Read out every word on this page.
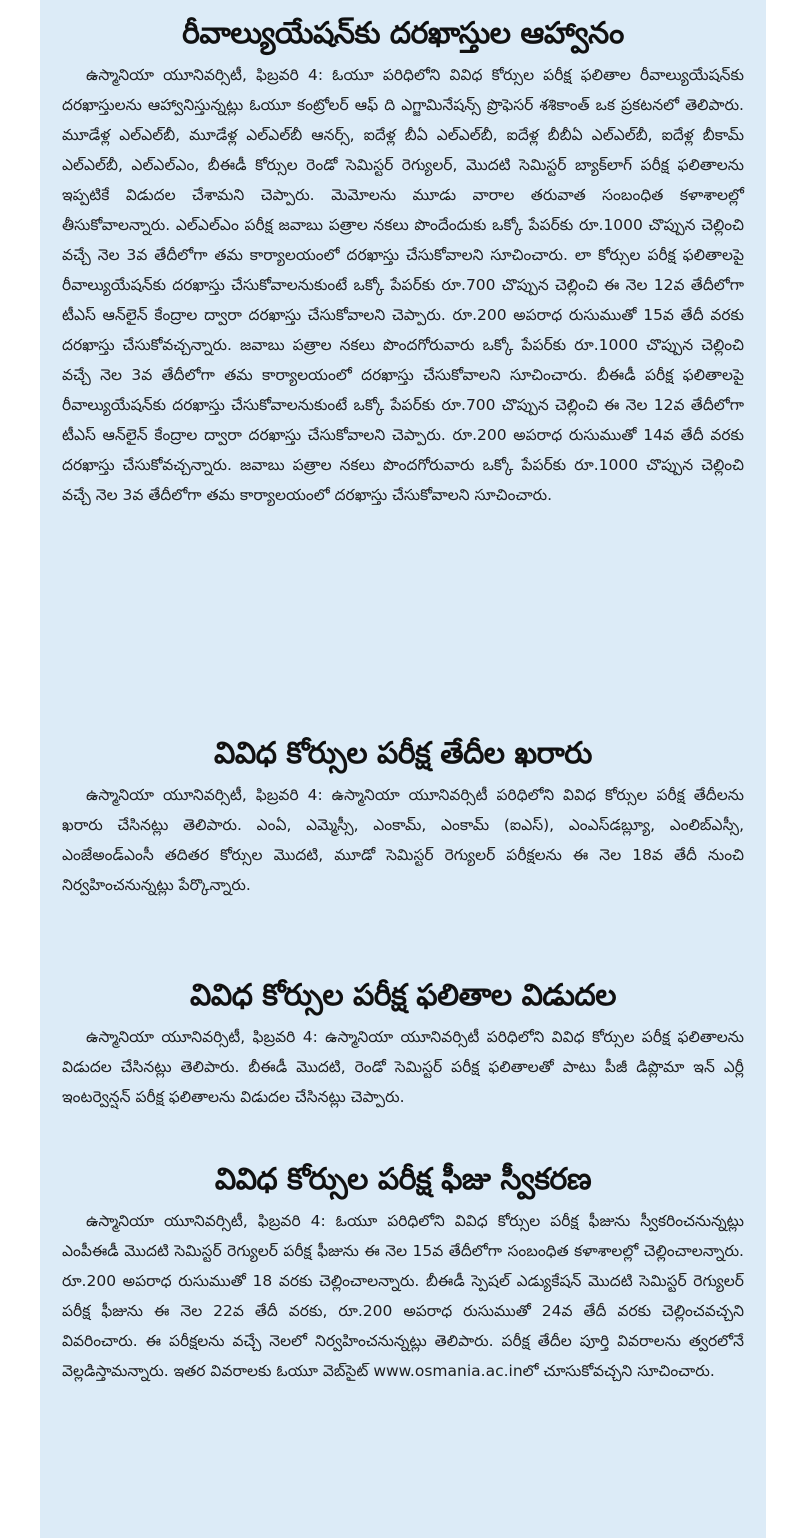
రీవాల్యుయేషన్‌కు దరఖాస్తుల ఆహ్వానం

ఉస్మానియా యూనివర్సిటీ, ఫిబ్రవరి 4: ఓయూ పరిధిలోని వివిధ కోర్సుల పరీక్ష ఫలితాల రీవాల్యుయేషన్‌కు దరఖాస్తులను ఆహ్వానిస్తున్నట్లు ఓయూ కంట్రోలర్ ఆఫ్ ది ఎగ్జామినేషన్స్ ప్రొఫెసర్ శశికాంత్ ఒక ప్రకటనలో తెలిపారు. మూడేళ్ల ఎల్‌ఎల్‌బీ, మూడేళ్ల ఎల్‌ఎల్‌బీ ఆనర్స్, ఐదేళ్ల బీఏ ఎల్‌ఎల్‌బీ, ఐదేళ్ల బీబీఏ ఎల్‌ఎల్‌బీ, ఐదేళ్ల బీకామ్ ఎల్‌ఎల్‌బీ, ఎల్‌ఎల్‌ఎం, బీఈడీ కోర్సుల రెండో సెమిస్టర్ రెగ్యులర్, మొదటి సెమిస్టర్ బ్యాక్‌లాగ్ పరీక్ష ఫలితాలను ఇప్పటికే విడుదల చేశామని చెప్పారు. మెమోలను మూడు వారాల తరువాత సంబంధిత కళాశాలల్లో తీసుకోవాలన్నారు. ఎల్‌ఎల్‌ఎం పరీక్ష జవాబు పత్రాల నకలు పొందేందుకు ఒక్కో పేపర్‌కు రూ.1000 చొప్పున చెల్లించి వచ్చే నెల 3వ తేదీలోగా తమ కార్యాలయంలో దరఖాస్తు చేసుకోవాలని సూచించారు. లా కోర్సుల పరీక్ష ఫలితాలపై రీవాల్యుయేషన్‌కు దరఖాస్తు చేసుకోవాలనుకుంటే ఒక్కో పేపర్‌కు రూ.700 చొప్పున చెల్లించి ఈ నెల 12వ తేదీలోగా టీఎస్ ఆన్‌లైన్ కేంద్రాల ద్వారా దరఖాస్తు చేసుకోవాలని చెప్పారు. రూ.200 అపరాధ రుసుముతో 15వ తేదీ వరకు దరఖాస్తు చేసుకోవచ్చన్నారు. జవాబు పత్రాల నకలు పొందగోరువారు ఒక్కో పేపర్‌కు రూ.1000 చొప్పున చెల్లించి వచ్చే నెల 3వ తేదీలోగా తమ కార్యాలయంలో దరఖాస్తు చేసుకోవాలని సూచించారు. బీఈడీ పరీక్ష ఫలితాలపై రీవాల్యుయేషన్‌కు దరఖాస్తు చేసుకోవాలనుకుంటే ఒక్కో పేపర్‌కు రూ.700 చొప్పున చెల్లించి ఈ నెల 12వ తేదీలోగా టీఎస్ ఆన్‌లైన్ కేంద్రాల ద్వారా దరఖాస్తు చేసుకోవాలని చెప్పారు. రూ.200 అపరాధ రుసుముతో 14వ తేదీ వరకు దరఖాస్తు చేసుకోవచ్చన్నారు. జవాబు పత్రాల నకలు పొందగోరువారు ఒక్కో పేపర్‌కు రూ.1000 చొప్పున చెల్లించి వచ్చే నెల 3వ తేదీలోగా తమ కార్యాలయంలో దరఖాస్తు చేసుకోవాలని సూచించారు.

వివిధ కోర్సుల పరీక్ష తేదీల ఖరారు

ఉస్మానియా యూనివర్సిటీ, ఫిబ్రవరి 4: ఉస్మానియా యూనివర్సిటీ పరిధిలోని వివిధ కోర్సుల పరీక్ష తేదీలను ఖరారు చేసినట్లు తెలిపారు. ఎంఏ, ఎమ్మెస్సీ, ఎంకామ్, ఎంకామ్ (ఐఎస్), ఎంఎస్‌డబ్ల్యూ, ఎంలిబ్‌ఎస్సీ, ఎంజేఅండ్‌ఎంసీ తదితర కోర్సుల మొదటి, మూడో సెమిస్టర్ రెగ్యులర్ పరీక్షలను ఈ నెల 18వ తేదీ నుంచి నిర్వహించనున్నట్లు పేర్కొన్నారు.

వివిధ కోర్సుల పరీక్ష ఫలితాల విడుదల

ఉస్మానియా యూనివర్సిటీ, ఫిబ్రవరి 4: ఉస్మానియా యూనివర్సిటీ పరిధిలోని వివిధ కోర్సుల పరీక్ష ఫలితాలను విడుదల చేసినట్లు తెలిపారు. బీఈడీ మొదటి, రెండో సెమిస్టర్ పరీక్ష ఫలితాలతో పాటు పీజీ డిప్లొమా ఇన్ ఎర్లీ ఇంటర్వెన్షన్ పరీక్ష ఫలితాలను విడుదల చేసినట్లు చెప్పారు.

వివిధ కోర్సుల పరీక్ష ఫీజు స్వీకరణ

ఉస్మానియా యూనివర్సిటీ, ఫిబ్రవరి 4: ఓయూ పరిధిలోని వివిధ కోర్సుల పరీక్ష ఫీజును స్వీకరించనున్నట్లు ఎంపీఈడీ మొదటి సెమిస్టర్ రెగ్యులర్ పరీక్ష ఫీజును ఈ నెల 15వ తేదీలోగా సంబంధిత కళాశాలల్లో చెల్లించాలన్నారు. రూ.200 అపరాధ రుసుముతో 18 వరకు చెల్లించాలన్నారు. బీఈడీ స్పెషల్ ఎడ్యుకేషన్ మొదటి సెమిస్టర్ రెగ్యులర్ పరీక్ష ఫీజును ఈ నెల 22వ తేదీ వరకు, రూ.200 అపరాధ రుసుముతో 24వ తేదీ వరకు చెల్లించవచ్చని వివరించారు. ఈ పరీక్షలను వచ్చే నెలలో నిర్వహించనున్నట్లు తెలిపారు. పరీక్ష తేదీల పూర్తి వివరాలను త్వరలోనే వెల్లడిస్తామన్నారు. ఇతర వివరాలకు ఓయూ వెబ్‌సైట్ www.osmania.ac.inలో చూసుకోవచ్చని సూచించారు.
